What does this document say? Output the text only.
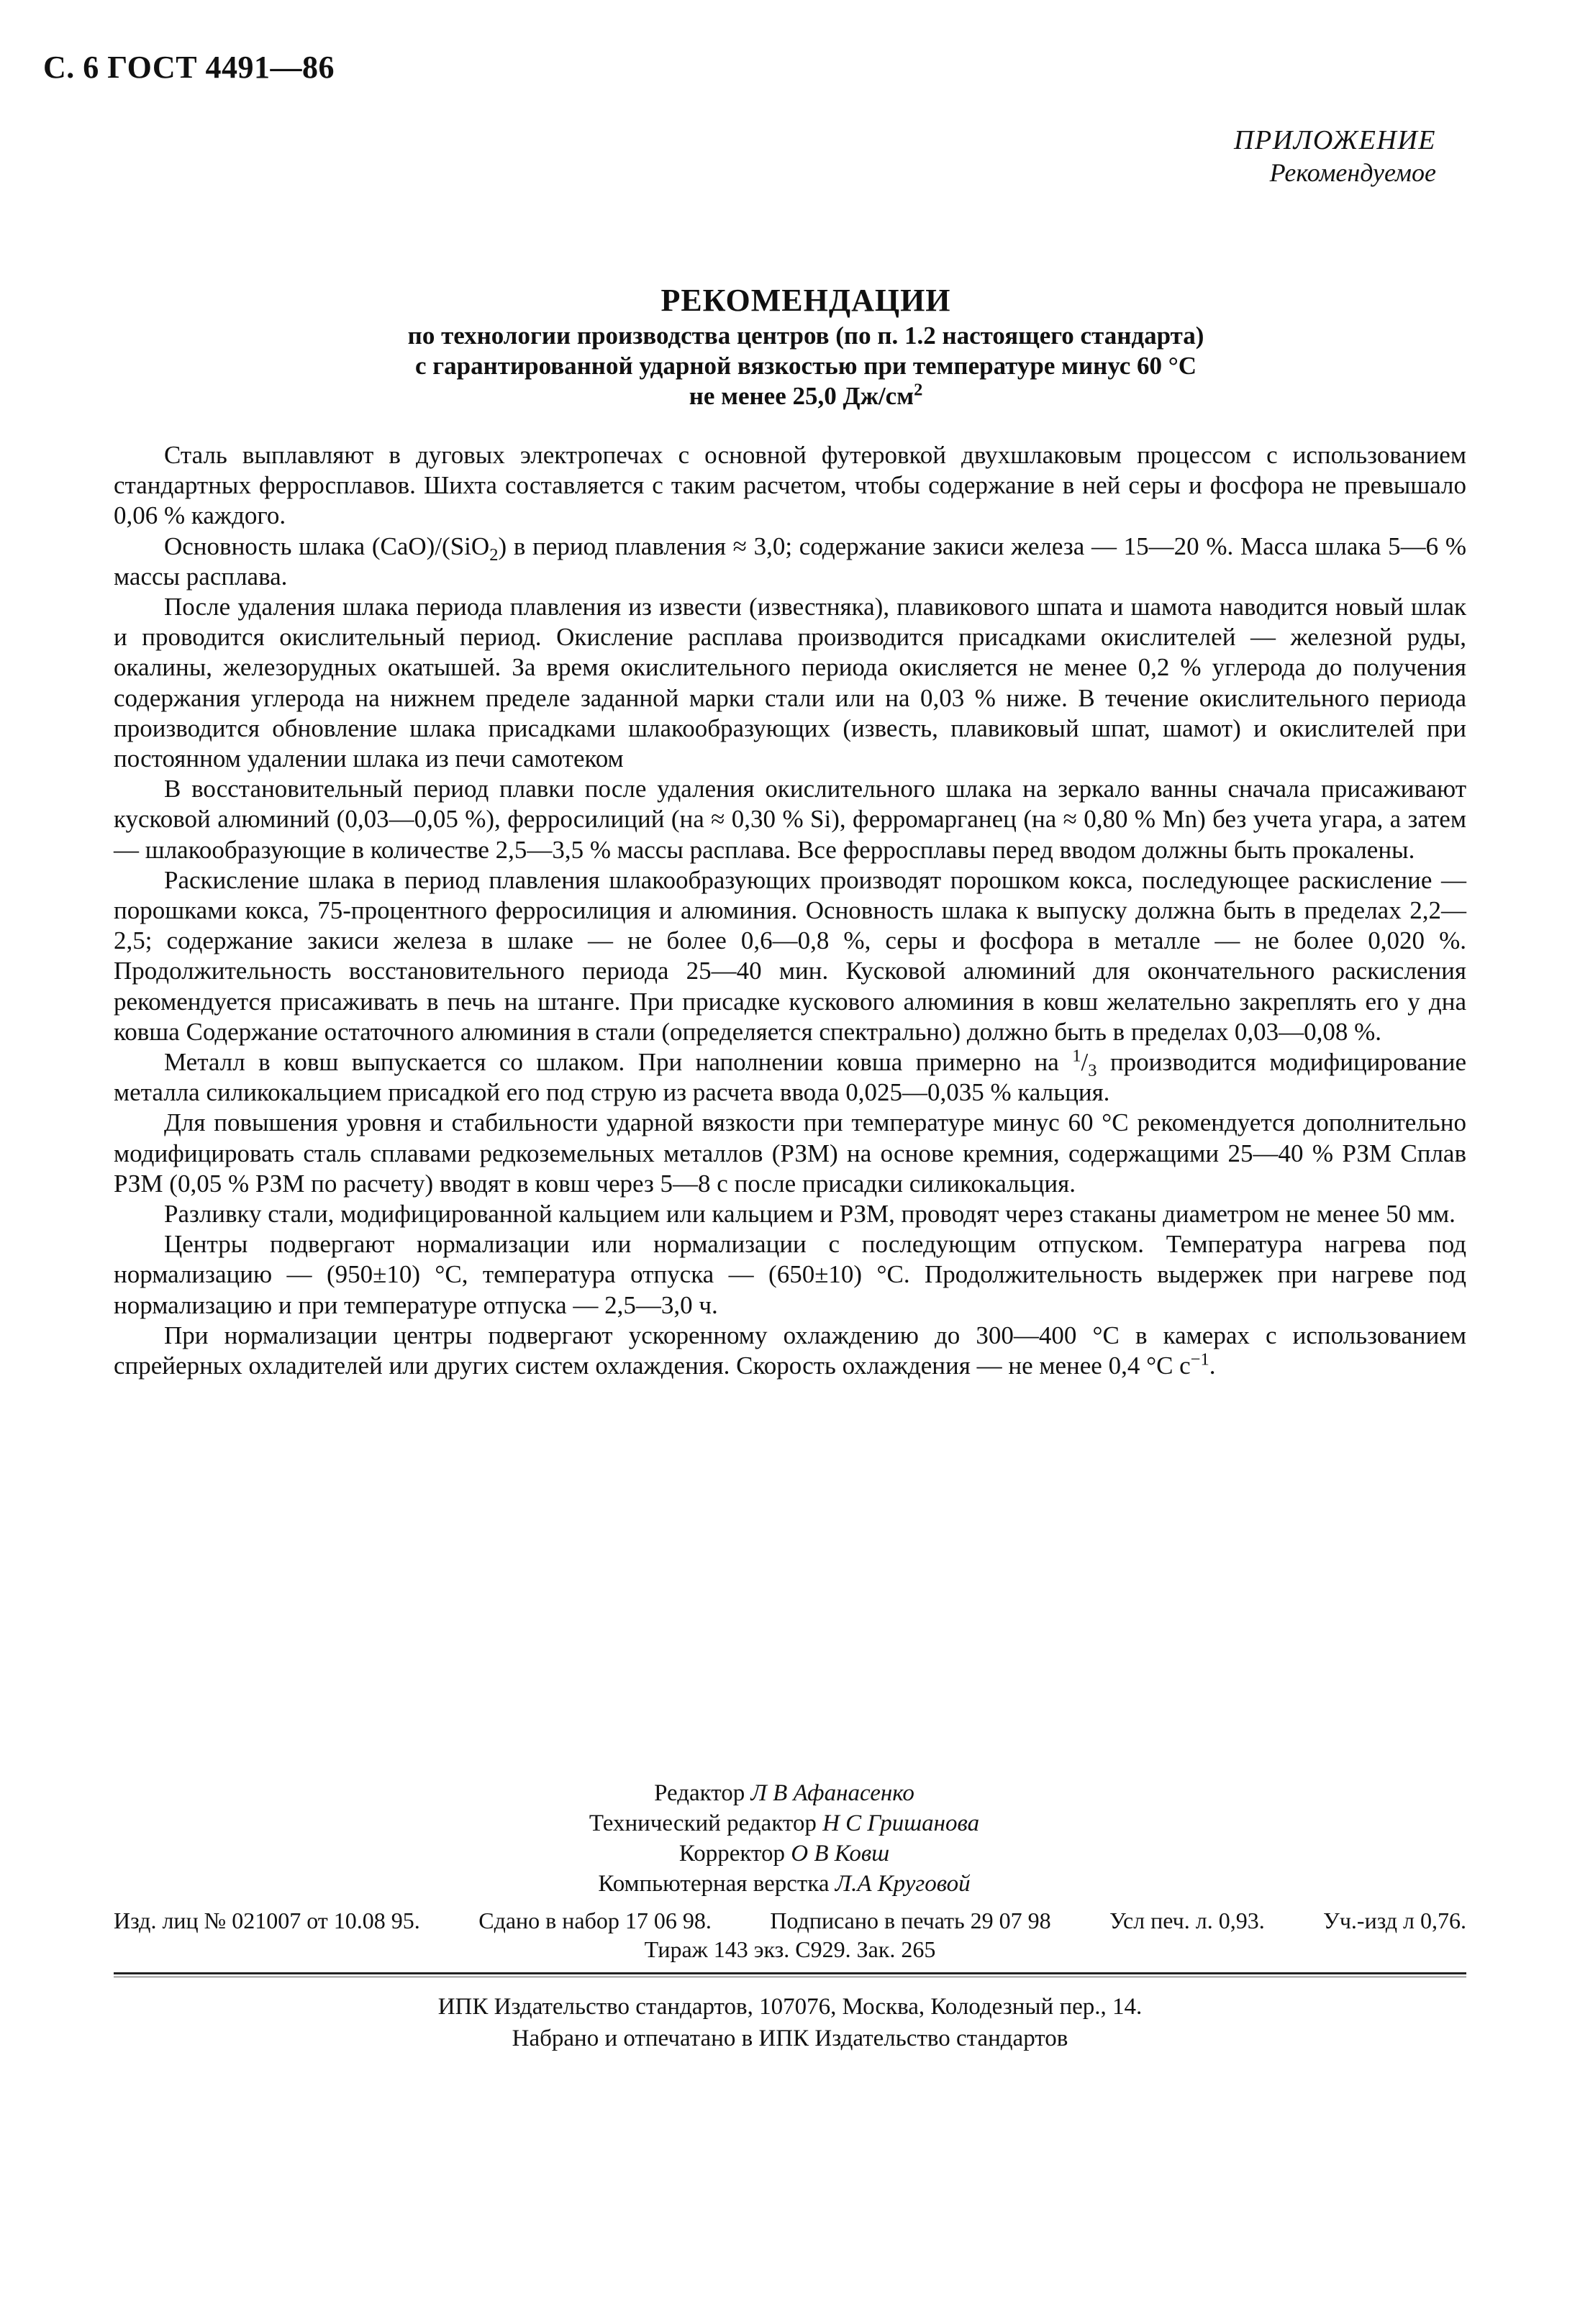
С. 6 ГОСТ 4491—86
ПРИЛОЖЕНИЕ
Рекомендуемое
РЕКОМЕНДАЦИИ
по технологии производства центров (по п. 1.2 настоящего стандарта)
с гарантированной ударной вязкостью при температуре минус 60 °C
не менее 25,0 $Дж/см^2$

Сталь выплавляют в дуговых электропечах с основной футеровкой двухшлаковым процессом с использованием стандартных ферросплавов. Шихта составляется с таким расчетом, чтобы содержание в ней серы и фосфора не превышало 0,06 % каждого.

Основность шлака (CaO)/(SiO$_2$) в период плавления ≈ 3,0; содержание закиси железа — 15—20 %. Масса шлака 5—6 % массы расплава.

После удаления шлака периода плавления из извести (известняка), плавикового шпата и шамота наводится новый шлак и проводится окислительный период. Окисление расплава производится присадками окислителей — железной руды, окалины, железорудных окатышей. За время окислительного периода окисляется не менее 0,2 % углерода до получения содержания углерода на нижнем пределе заданной марки стали или на 0,03 % ниже. В течение окислительного периода производится обновление шлака присадками шлакообразующих (известь, плавиковый шпат, шамот) и окислителей при постоянном удалении шлака из печи самотеком

В восстановительный период плавки после удаления окислительного шлака на зеркало ванны сначала присаживают кусковой алюминий (0,03—0,05 %), ферросилиций (на ≈ 0,30 % Si), ферромарганец (на ≈ 0,80 % Mn) без учета угара, а затем — шлакообразующие в количестве 2,5—3,5 % массы расплава. Все ферросплавы перед вводом должны быть прокалены.

Раскисление шлака в период плавления шлакообразующих производят порошком кокса, последующее раскисление — порошками кокса, 75-процентного ферросилиция и алюминия. Основность шлака к выпуску должна быть в пределах 2,2—2,5; содержание закиси железа в шлаке — не более 0,6—0,8 %, серы и фосфора в металле — не более 0,020 %. Продолжительность восстановительного периода 25—40 мин. Кусковой алюминий для окончательного раскисления рекомендуется присаживать в печь на штанге. При присадке кускового алюминия в ковш желательно закреплять его у дна ковша Содержание остаточного алюминия в стали (определяется спектрально) должно быть в пределах 0,03—0,08 %.

Металл в ковш выпускается со шлаком. При наполнении ковша примерно на $^1/_3$ производится модифицирование металла силикокальцием присадкой его под струю из расчета ввода 0,025—0,035 % кальция.

Для повышения уровня и стабильности ударной вязкости при температуре минус 60 °C рекомендуется дополнительно модифицировать сталь сплавами редкоземельных металлов (РЗМ) на основе кремния, содержащими 25—40 % РЗМ Сплав РЗМ (0,05 % РЗМ по расчету) вводят в ковш через 5—8 с после присадки силикокальция.

Разливку стали, модифицированной кальцием или кальцием и РЗМ, проводят через стаканы диаметром не менее 50 мм.

Центры подвергают нормализации или нормализации с последующим отпуском. Температура нагрева под нормализацию — (950±10) °C, температура отпуска — (650±10) °C. Продолжительность выдержек при нагреве под нормализацию и при температуре отпуска — 2,5—3,0 ч.

При нормализации центры подвергают ускоренному охлаждению до 300—400 °C в камерах с использованием спрейерных охладителей или других систем охлаждения. Скорость охлаждения — не менее 0,4 °C $с^{-1}$.

Редактор Л В Афанасенко
Технический редактор Н С Гришанова
Корректор О В Ковш
Компьютерная верстка Л.А Круговой
Изд. лиц № 021007 от 10.08 95.	Сдано в набор 17 06 98.	Подписано в печать 29 07 98	Усл печ. л. 0,93.	Уч.-изд л 0,76.
Тираж 143 экз. С929. Зак. 265
ИПК Издательство стандартов, 107076, Москва, Колодезный пер., 14.
Набрано и отпечатано в ИПК Издательство стандартов
